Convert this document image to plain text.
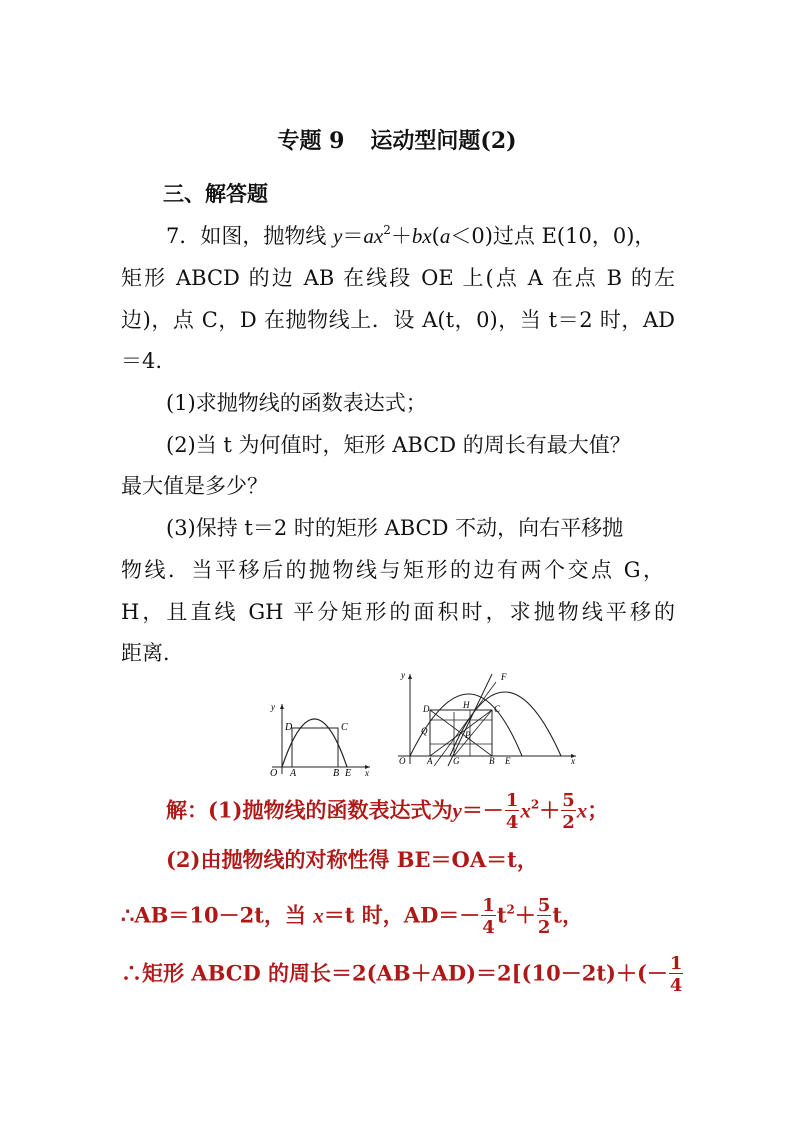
专题 9 运动型问题(2)
三、解答题
7．如图，抛物线 $y=ax^2+bx(a<0)$过点 E(10，0)，
矩形 ABCD 的边 AB 在线段 OE 上(点 A 在点 B 的左
边)，点 C，D 在抛物线上．设 A(t，0)，当 t＝2 时，AD
＝4.
(1)求抛物线的函数表达式；
(2)当 t 为何值时，矩形 ABCD 的周长有最大值？
最大值是多少？
(3)保持 t＝2 时的矩形 ABCD 不动，向右平移抛
物线．当平移后的抛物线与矩形的边有两个交点 G，
H，且直线 GH 平分矩形的面积时，求抛物线平移的
距离．
y
x
O A	B E
D	C
y
x
O A G	B E
D	C
H
F
Q	P
解：(1)抛物线的函数表达式为$y=- \frac{1}{4} x^2+ \frac{5}{2}$ x；
(2)由抛物线的对称性得 BE＝OA＝t，
∴AB＝10－2t，当 x＝t 时，$AD=- \frac{1}{4} t^2+ \frac{5}{2}$ t，
∴矩形 ABCD 的周长$=2(AB+AD)=2[(10-2t)+(- \frac{1}{4}$
